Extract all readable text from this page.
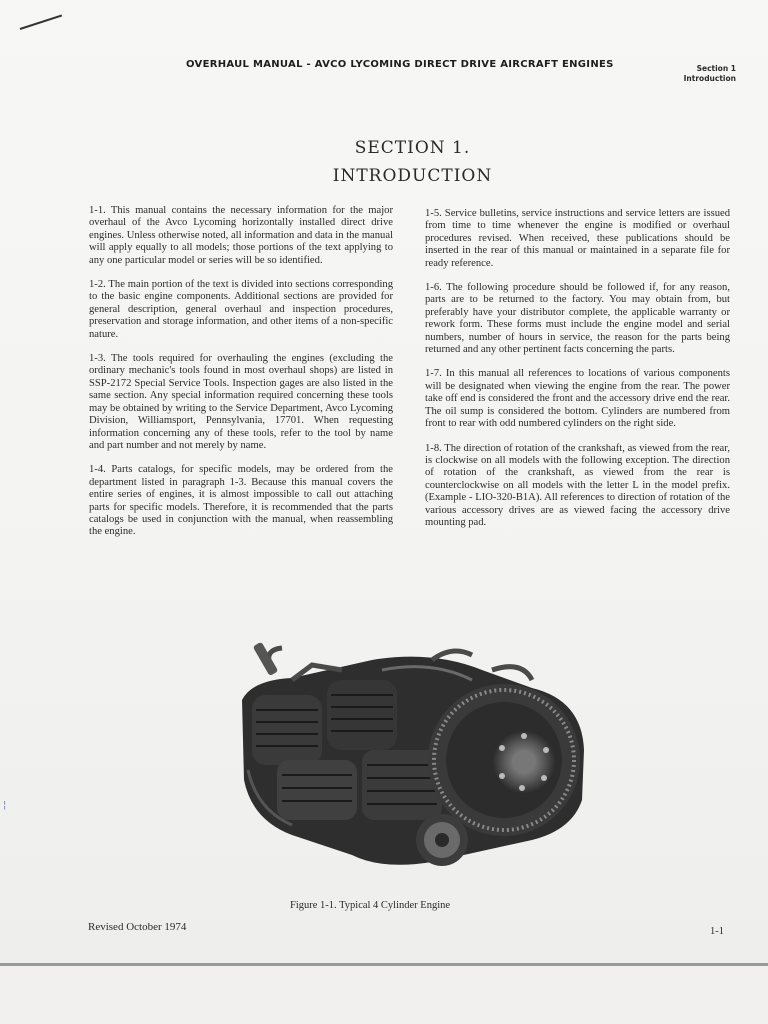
¦
OVERHAUL MANUAL - AVCO LYCOMING DIRECT DRIVE AIRCRAFT ENGINES	Section 1
Introduction
SECTION 1.
INTRODUCTION

1-1. This manual contains the necessary information for the major overhaul of the Avco Lycoming horizontally installed direct drive engines. Unless otherwise noted, all information and data in the manual will apply equally to all models; those portions of the text applying to any one particular model or series will be so identified.

1-2. The main portion of the text is divided into sections corresponding to the basic engine components. Additional sections are provided for general description, general overhaul and inspection procedures, preservation and storage information, and other items of a non-specific nature.

1-3. The tools required for overhauling the engines (excluding the ordinary mechanic's tools found in most overhaul shops) are listed in SSP-2172 Special Service Tools. Inspection gages are also listed in the same section. Any special information required concerning these tools may be obtained by writing to the Service Department, Avco Lycoming Division, Williamsport, Pennsylvania, 17701. When requesting information concerning any of these tools, refer to the tool by name and part number and not merely by name.

1-4. Parts catalogs, for specific models, may be ordered from the department listed in paragraph 1-3. Because this manual covers the entire series of engines, it is almost impossible to call out attaching parts for specific models. Therefore, it is recommended that the parts catalogs be used in conjunction with the manual, when reassembling the engine.

1-5. Service bulletins, service instructions and service letters are issued from time to time whenever the engine is modified or overhaul procedures revised. When received, these publications should be inserted in the rear of this manual or maintained in a separate file for ready reference.

1-6. The following procedure should be followed if, for any reason, parts are to be returned to the factory. You may obtain from, but preferably have your distributor complete, the applicable warranty or rework form. These forms must include the engine model and serial numbers, number of hours in service, the reason for the parts being returned and any other pertinent facts concerning the parts.

1-7. In this manual all references to locations of various components will be designated when viewing the engine from the rear. The power take off end is considered the front and the accessory drive end the rear. The oil sump is considered the bottom. Cylinders are numbered from front to rear with odd numbered cylinders on the right side.

1-8. The direction of rotation of the crankshaft, as viewed from the rear, is clockwise on all models with the following exception. The direction of rotation of the crankshaft, as viewed from the rear is counterclockwise on all models with the letter L in the model prefix. (Example - LIO-320-B1A). All references to direction of rotation of the various accessory drives are as viewed facing the accessory drive mounting pad.

Figure 1-1. Typical 4 Cylinder Engine
Revised October 1974	1-1
